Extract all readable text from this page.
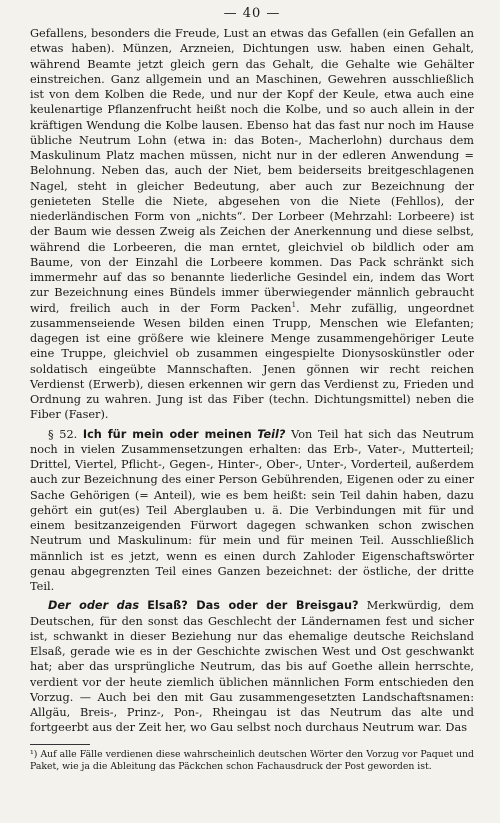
— 40 —

Gefallens, besonders die Freude, Lust an etwas das Gefallen (ein Gefallen an etwas haben). Münzen, Arzneien, Dichtungen usw. haben einen Gehalt, während Beamte jetzt gleich gern das Gehalt, die Gehalte wie Gehälter einstreichen. Ganz allgemein und an Maschinen, Gewehren ausschließlich ist von dem Kolben die Rede, und nur der Kopf der Keule, etwa auch eine keulenartige Pflanzenfrucht heißt noch die Kolbe, und so auch allein in der kräftigen Wendung die Kolbe lausen. Ebenso hat das fast nur noch im Hause übliche Neutrum Lohn (etwa in: das Boten-, Macherlohn) durchaus dem Maskulinum Platz machen müssen, nicht nur in der edleren Anwendung = Belohnung. Neben das, auch der Niet, bem beiderseits breitgeschlagenen Nagel, steht in gleicher Bedeutung, aber auch zur Bezeichnung der genieteten Stelle die Niete, abgesehen von die Niete (Fehllos), der niederländischen Form von „nichts“. Der Lorbeer (Mehrzahl: Lorbeere) ist der Baum wie dessen Zweig als Zeichen der Anerkennung und diese selbst, während die Lorbeeren, die man erntet, gleichviel ob bildlich oder am Baume, von der Einzahl die Lorbeere kommen. Das Pack schränkt sich immermehr auf das so benannte liederliche Gesindel ein, indem das Wort zur Bezeichnung eines Bündels immer überwiegender männlich gebraucht wird, freilich auch in der Form Packen$^1$. Mehr zufällig, ungeordnet zusammenseiende Wesen bilden einen Trupp, Menschen wie Elefanten; dagegen ist eine größere wie kleinere Menge zusammengehöriger Leute eine Truppe, gleichviel ob zusammen eingespielte Dionysoskünstler oder soldatisch eingeübte Mannschaften. Jenen gönnen wir recht reichen Verdienst (Erwerb), diesen erkennen wir gern das Verdienst zu, Frieden und Ordnung zu wahren. Jung ist das Fiber (techn. Dichtungsmittel) neben die Fiber (Faser).

§ 52. Ich für mein oder meinen Teil? Von Teil hat sich das Neutrum noch in vielen Zusammensetzungen erhalten: das Erb-, Vater-, Mutterteil; Drittel, Viertel, Pflicht-, Gegen-, Hinter-, Ober-, Unter-, Vorderteil, außerdem auch zur Bezeichnung des einer Person Gebührenden, Eigenen oder zu einer Sache Gehörigen (= Anteil), wie es bem heißt: sein Teil dahin haben, dazu gehört ein gut(es) Teil Aberglauben u. ä. Die Verbindungen mit für und einem besitzanzeigenden Fürwort dagegen schwanken schon zwischen Neutrum und Maskulinum: für mein und für meinen Teil. Ausschließlich männlich ist es jetzt, wenn es einen durch Zahloder Eigenschaftswörter genau abgegrenzten Teil eines Ganzen bezeichnet: der östliche, der dritte Teil.

Der oder das Elsaß? Das oder der Breisgau? Merkwürdig, dem Deutschen, für den sonst das Geschlecht der Ländernamen fest und sicher ist, schwankt in dieser Beziehung nur das ehemalige deutsche Reichsland Elsaß, gerade wie es in der Geschichte zwischen West und Ost geschwankt hat; aber das ursprüngliche Neutrum, das bis auf Goethe allein herrschte, verdient vor der heute ziemlich üblichen männlichen Form entschieden den Vorzug. — Auch bei den mit Gau zusammengesetzten Landschaftsnamen: Allgäu, Breis-, Prinz-, Pon-, Rheingau ist das Neutrum das alte und fortgeerbt aus der Zeit her, wo Gau selbst noch durchaus Neutrum war. Das

¹) Auf alle Fälle verdienen diese wahrscheinlich deutschen Wörter den Vorzug vor Paquet und Paket, wie ja die Ableitung das Päckchen schon Fachausdruck der Post geworden ist.
